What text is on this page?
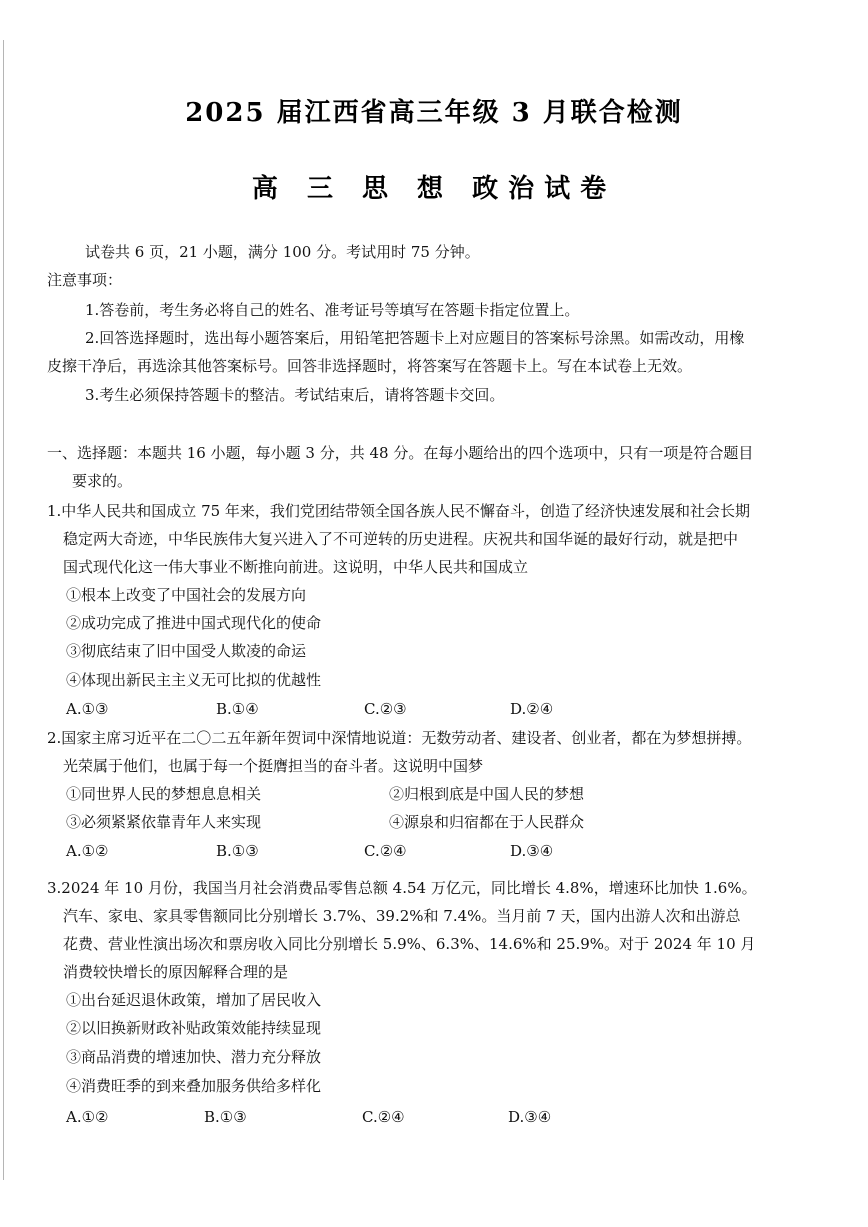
2025 届江西省高三年级 3 月联合检测
高 三 思 想 政治试卷
试卷共 6 页，21 小题，满分 100 分。考试用时 75 分钟。
注意事项：
1.答卷前，考生务必将自己的姓名、准考证号等填写在答题卡指定位置上。
2.回答选择题时，选出每小题答案后，用铅笔把答题卡上对应题目的答案标号涂黑。如需改动，用橡
皮擦干净后，再选涂其他答案标号。回答非选择题时，将答案写在答题卡上。写在本试卷上无效。
3.考生必须保持答题卡的整洁。考试结束后，请将答题卡交回。
一、选择题：本题共 16 小题，每小题 3 分，共 48 分。在每小题给出的四个选项中，只有一项是符合题目
要求的。
1.中华人民共和国成立 75 年来，我们党团结带领全国各族人民不懈奋斗，创造了经济快速发展和社会长期
稳定两大奇迹，中华民族伟大复兴进入了不可逆转的历史进程。庆祝共和国华诞的最好行动，就是把中
国式现代化这一伟大事业不断推向前进。这说明，中华人民共和国成立
①根本上改变了中国社会的发展方向
②成功完成了推进中国式现代化的使命
③彻底结束了旧中国受人欺凌的命运
④体现出新民主主义无可比拟的优越性
A.①③	B.①④	C.②③	D.②④
2.国家主席习近平在二〇二五年新年贺词中深情地说道：无数劳动者、建设者、创业者，都在为梦想拼搏。
光荣属于他们，也属于每一个挺膺担当的奋斗者。这说明中国梦
①同世界人民的梦想息息相关	②归根到底是中国人民的梦想
③必须紧紧依靠青年人来实现	④源泉和归宿都在于人民群众
A.①②	B.①③	C.②④	D.③④
3.2024 年 10 月份，我国当月社会消费品零售总额 4.54 万亿元，同比增长 4.8%，增速环比加快 1.6%。
汽车、家电、家具零售额同比分别增长 3.7%、39.2%和 7.4%。当月前 7 天，国内出游人次和出游总
花费、营业性演出场次和票房收入同比分别增长 5.9%、6.3%、14.6%和 25.9%。对于 2024 年 10 月
消费较快增长的原因解释合理的是
①出台延迟退休政策，增加了居民收入
②以旧换新财政补贴政策效能持续显现
③商品消费的增速加快、潜力充分释放
④消费旺季的到来叠加服务供给多样化
A.①②	B.①③	C.②④	D.③④
